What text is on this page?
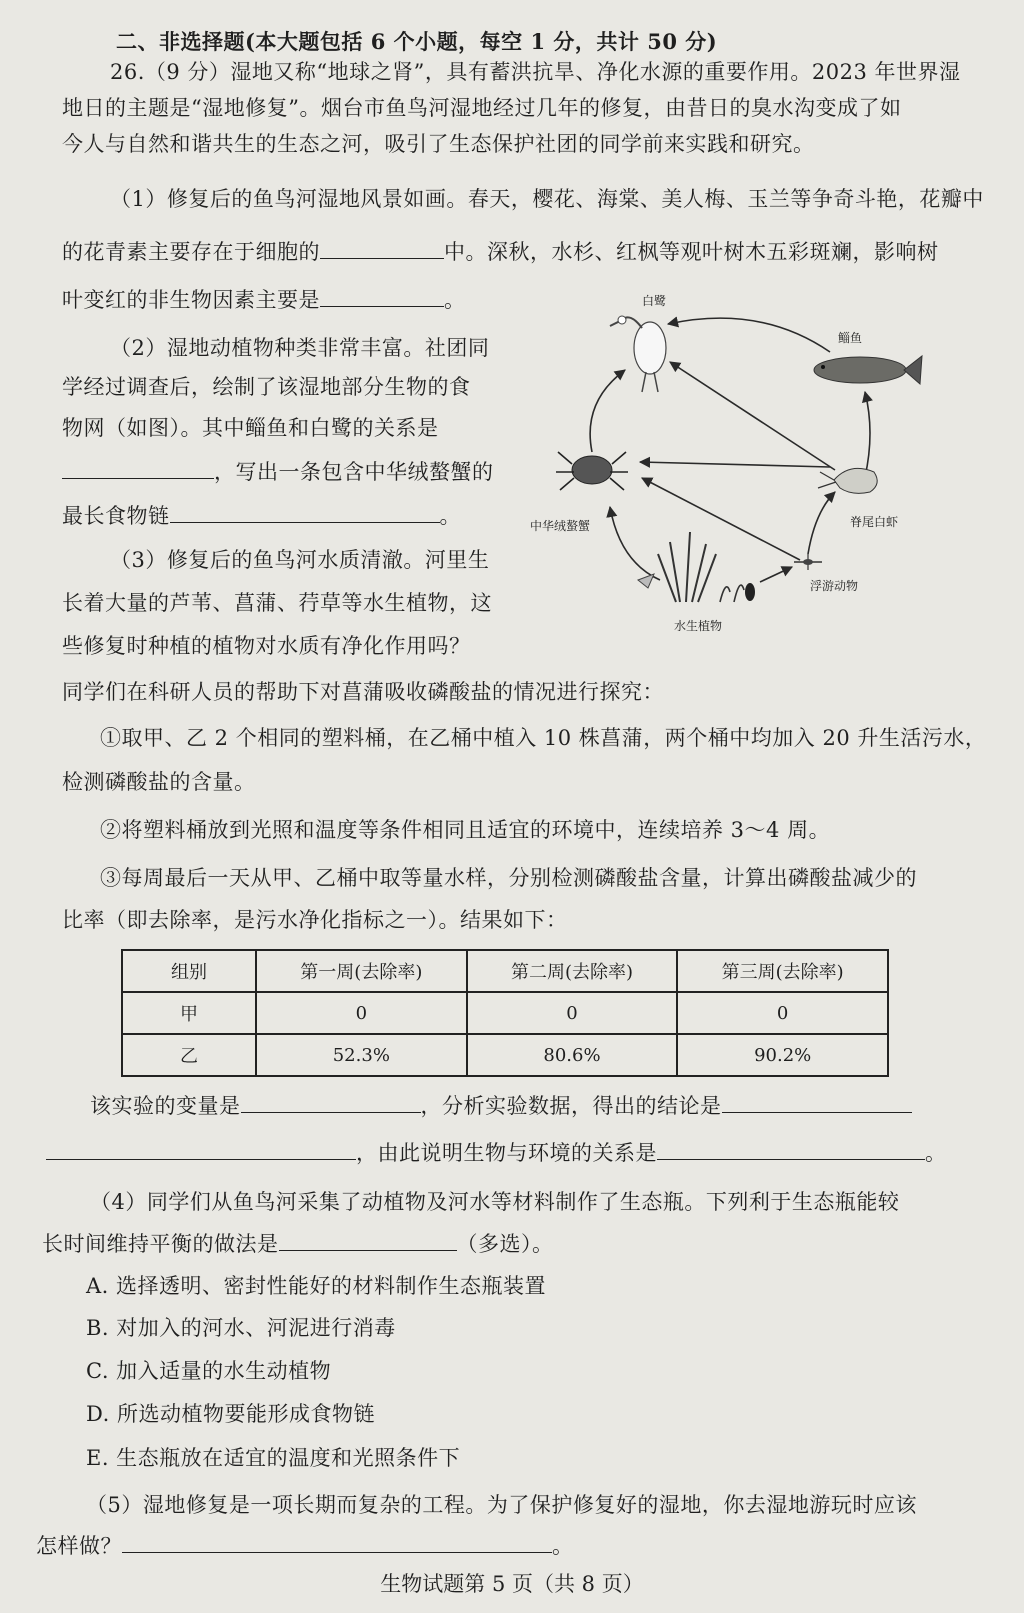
二、非选择题(本大题包括 6 个小题，每空 1 分，共计 50 分)
26.（9 分）湿地又称“地球之肾”，具有蓄洪抗旱、净化水源的重要作用。2023 年世界湿
地日的主题是“湿地修复”。烟台市鱼鸟河湿地经过几年的修复，由昔日的臭水沟变成了如
今人与自然和谐共生的生态之河，吸引了生态保护社团的同学前来实践和研究。
（1）修复后的鱼鸟河湿地风景如画。春天，樱花、海棠、美人梅、玉兰等争奇斗艳，花瓣中
的花青素主要存在于细胞的	中。深秋，水杉、红枫等观叶树木五彩斑斓，影响树
叶变红的非生物因素主要是	。
（2）湿地动植物种类非常丰富。社团同
学经过调查后，绘制了该湿地部分生物的食
物网（如图）。其中鲻鱼和白鹭的关系是
，写出一条包含中华绒螯蟹的
最长食物链	。
（3）修复后的鱼鸟河水质清澈。河里生
长着大量的芦苇、菖蒲、荇草等水生植物，这
些修复时种植的植物对水质有净化作用吗？
同学们在科研人员的帮助下对菖蒲吸收磷酸盐的情况进行探究：
①取甲、乙 2 个相同的塑料桶，在乙桶中植入 10 株菖蒲，两个桶中均加入 20 升生活污水，
检测磷酸盐的含量。
②将塑料桶放到光照和温度等条件相同且适宜的环境中，连续培养 3～4 周。
③每周最后一天从甲、乙桶中取等量水样，分别检测磷酸盐含量，计算出磷酸盐减少的
比率（即去除率，是污水净化指标之一）。结果如下：
组别	第一周(去除率)	第二周(去除率)	第三周(去除率)
甲	0	0	0
乙	52.3%	80.6%	90.2%
该实验的变量是	，分析实验数据，得出的结论是
，由此说明生物与环境的关系是	。
（4）同学们从鱼鸟河采集了动植物及河水等材料制作了生态瓶。下列利于生态瓶能较
长时间维持平衡的做法是	（多选）。
A. 选择透明、密封性能好的材料制作生态瓶装置
B. 对加入的河水、河泥进行消毒
C. 加入适量的水生动植物
D. 所选动植物要能形成食物链
E. 生态瓶放在适宜的温度和光照条件下
（5）湿地修复是一项长期而复杂的工程。为了保护修复好的湿地，你去湿地游玩时应该
怎样做？	。
白鹭
鲻鱼
中华绒螯蟹	脊尾白虾
浮游动物
水生植物
生物试题第 5 页（共 8 页）
